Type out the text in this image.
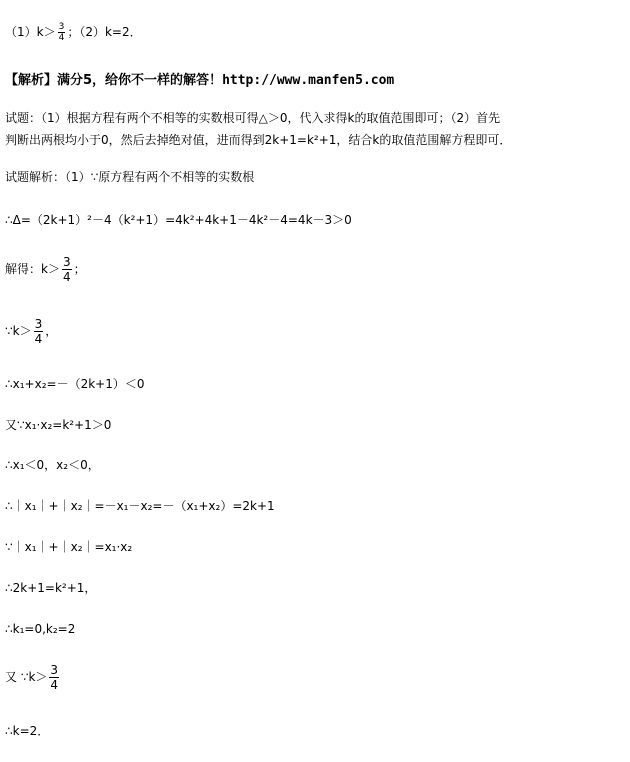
$(1)k> \frac{3}{4}$ ；（2）k=2．
【解析】满分5，给你不一样的解答！http://www.manfen5.com
试题：（1）根据方程有两个不相等的实数根可得△＞0，代入求得k的取值范围即可；（2）首先
判断出两根均小于0，然后去掉绝对值，进而得到2k+1=k²+1，结合k的取值范围解方程即可．
试题解析：（1）∵原方程有两个不相等的实数根
∴Δ=（2k+1）²－4（k²+1）=4k²+4k+1－4k²－4=4k－3＞0
解得：$k> \frac{3}{4}$ ；
∵k＞ $\frac{3}{4}$ ，
∴x₁+x₂=－（2k+1）＜0
又∵x₁·x₂=k²+1＞0
∴x₁＜0，x₂＜0，
∴｜x₁｜+｜x₂｜=－x₁－x₂=－（x₁+x₂）=2k+1
∵｜x₁｜+｜x₂｜=x₁·x₂
∴2k+1=k²+1，
∴k₁=0,k₂=2
又 ∵k＞ $\frac{3}{4}$
∴k=2．
